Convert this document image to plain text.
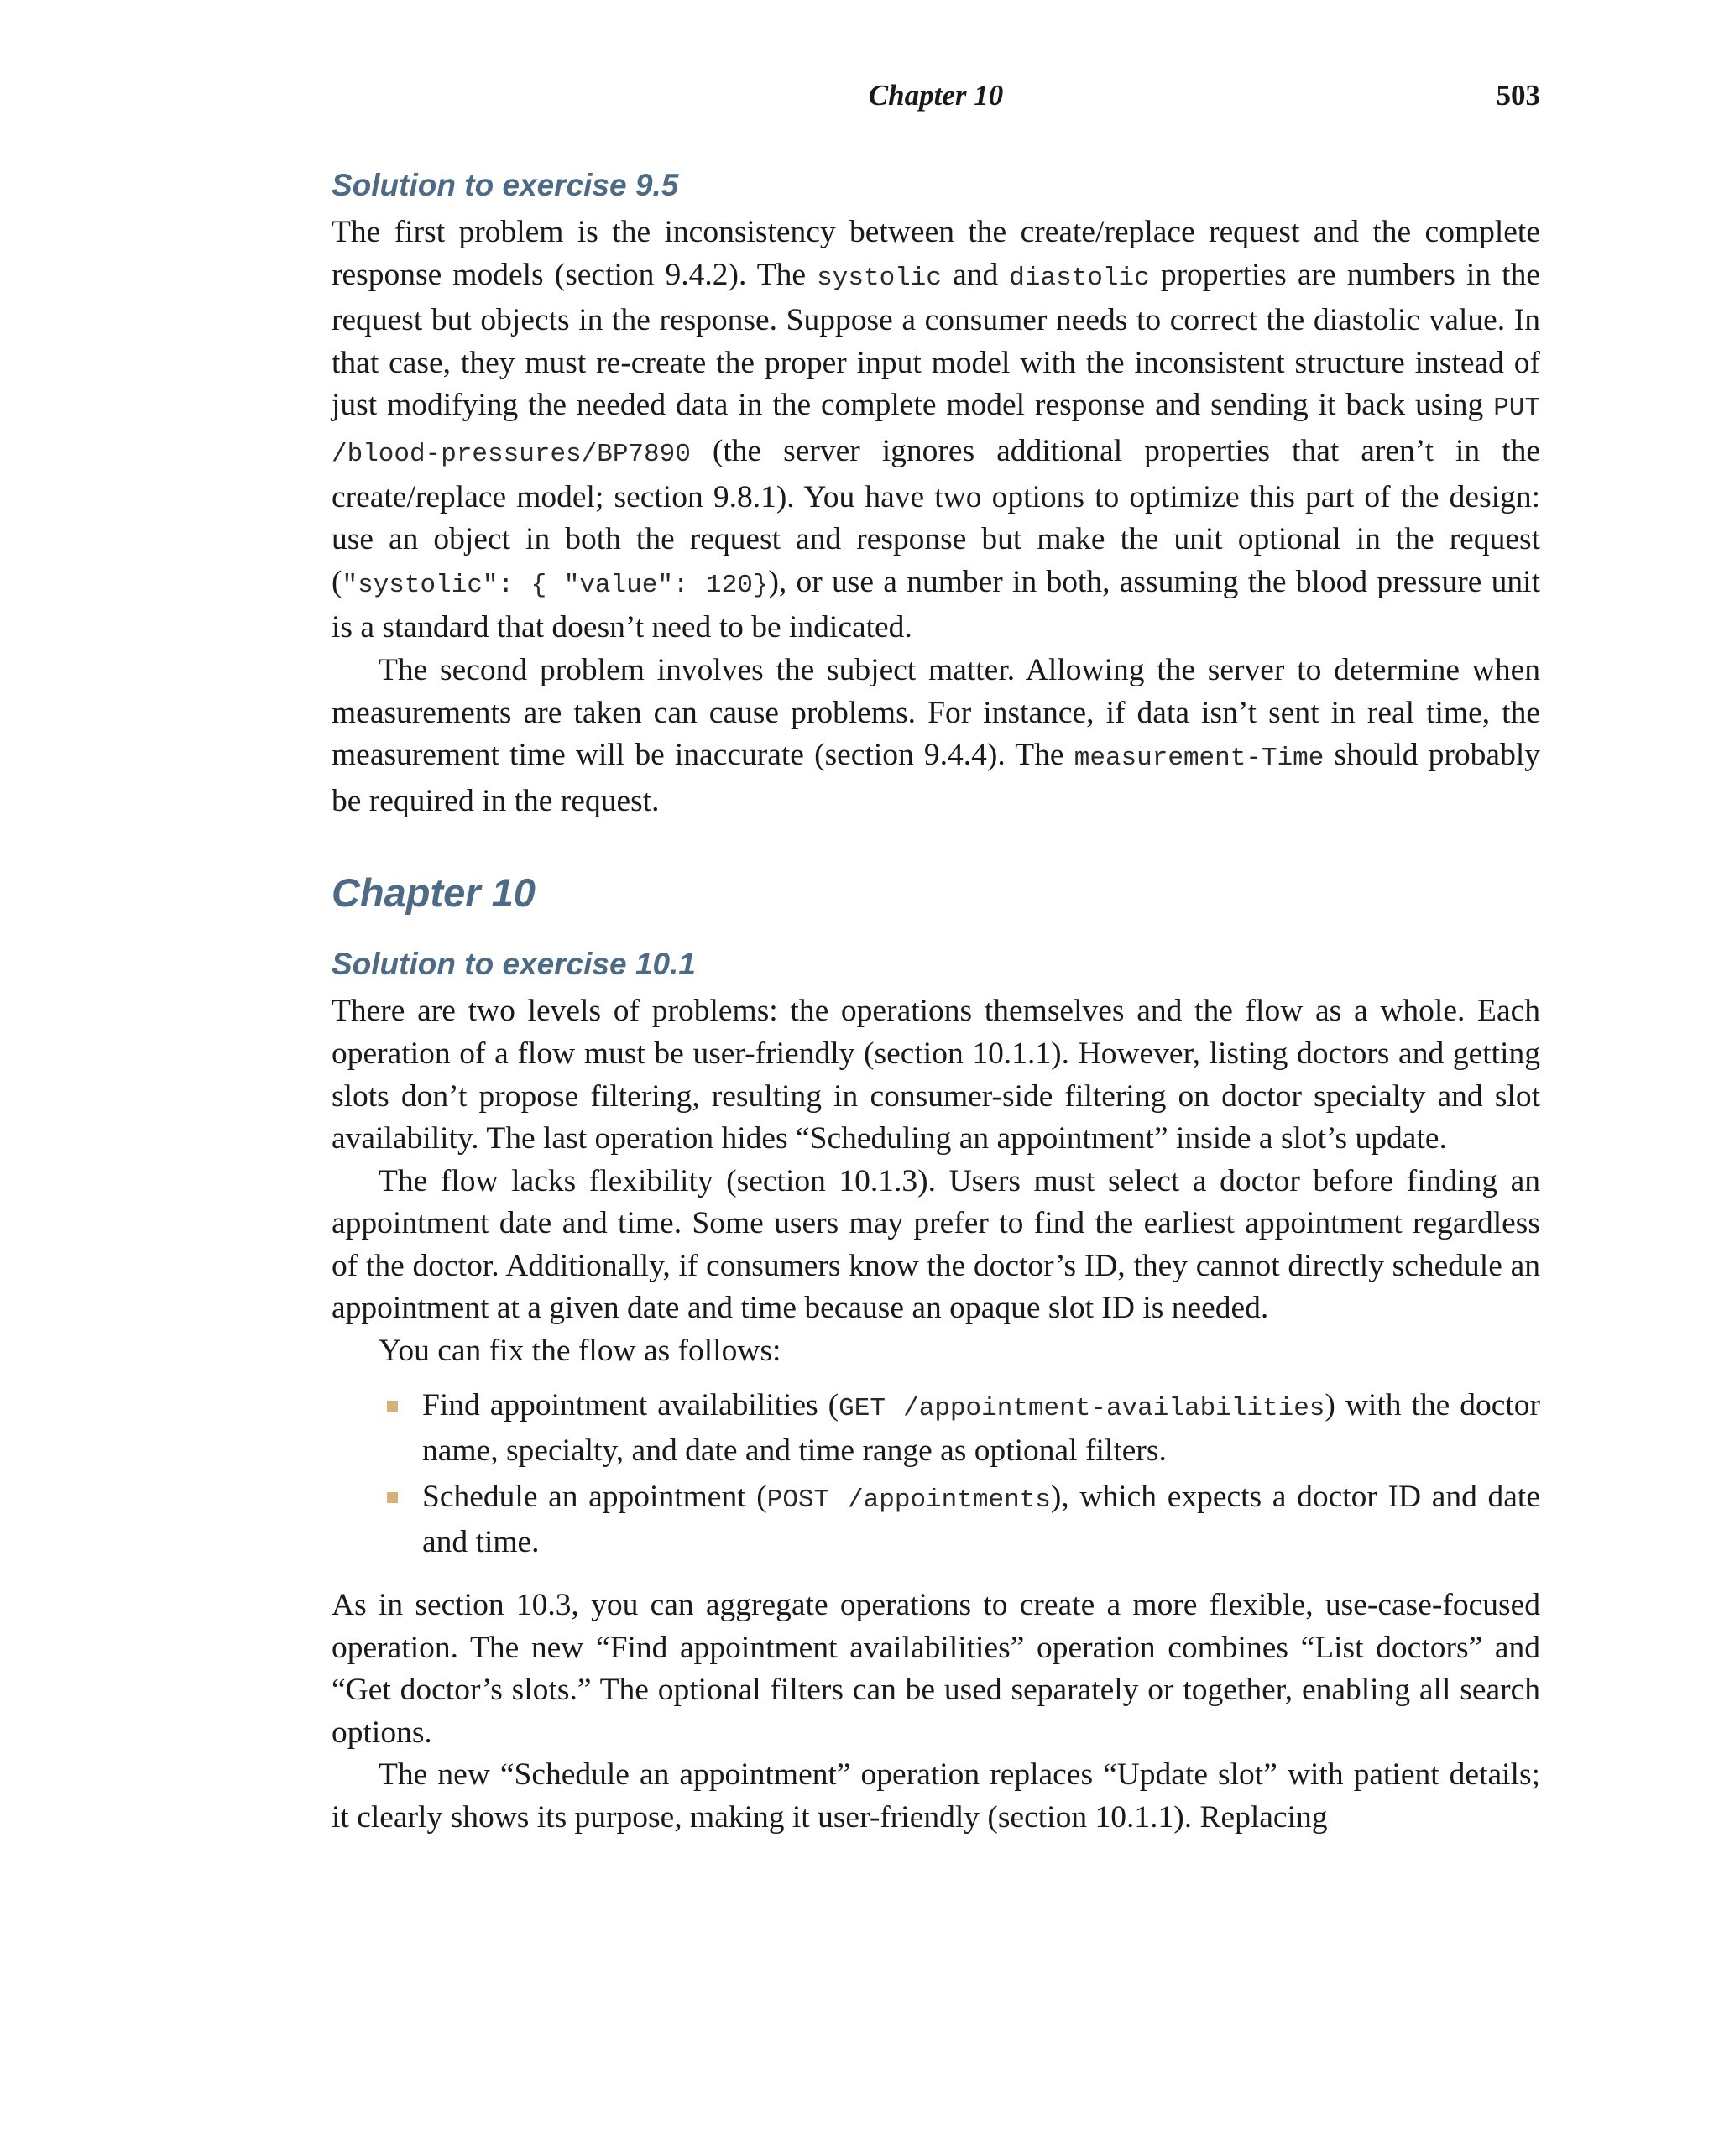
Chapter 10	503
Solution to exercise 9.5

The first problem is the inconsistency between the create/replace request and the complete response models (section 9.4.2). The systolic and diastolic properties are numbers in the request but objects in the response. Suppose a consumer needs to correct the diastolic value. In that case, they must re-create the proper input model with the inconsistent structure instead of just modifying the needed data in the complete model response and sending it back using PUT /blood-pressures/BP7890 (the server ignores additional properties that aren’t in the create/replace model; section 9.8.1). You have two options to optimize this part of the design: use an object in both the request and response but make the unit optional in the request ("systolic": { "value": 120}), or use a number in both, assuming the blood pressure unit is a standard that doesn’t need to be indicated.

The second problem involves the subject matter. Allowing the server to determine when measurements are taken can cause problems. For instance, if data isn’t sent in real time, the measurement time will be inaccurate (section 9.4.4). The measurement-Time should probably be required in the request.

Chapter 10
Solution to exercise 10.1

There are two levels of problems: the operations themselves and the flow as a whole. Each operation of a flow must be user-friendly (section 10.1.1). However, listing doctors and getting slots don’t propose filtering, resulting in consumer-side filtering on doctor specialty and slot availability. The last operation hides “Scheduling an appointment” inside a slot’s update.

The flow lacks flexibility (section 10.1.3). Users must select a doctor before finding an appointment date and time. Some users may prefer to find the earliest appointment regardless of the doctor. Additionally, if consumers know the doctor’s ID, they cannot directly schedule an appointment at a given date and time because an opaque slot ID is needed.

You can fix the flow as follows:

Find appointment availabilities (GET /appointment-availabilities) with the doctor name, specialty, and date and time range as optional filters.
Schedule an appointment (POST /appointments), which expects a doctor ID and date and time.

As in section 10.3, you can aggregate operations to create a more flexible, use-case-focused operation. The new “Find appointment availabilities” operation combines “List doctors” and “Get doctor’s slots.” The optional filters can be used separately or together, enabling all search options.

The new “Schedule an appointment” operation replaces “Update slot” with patient details; it clearly shows its purpose, making it user-friendly (section 10.1.1). Replacing
